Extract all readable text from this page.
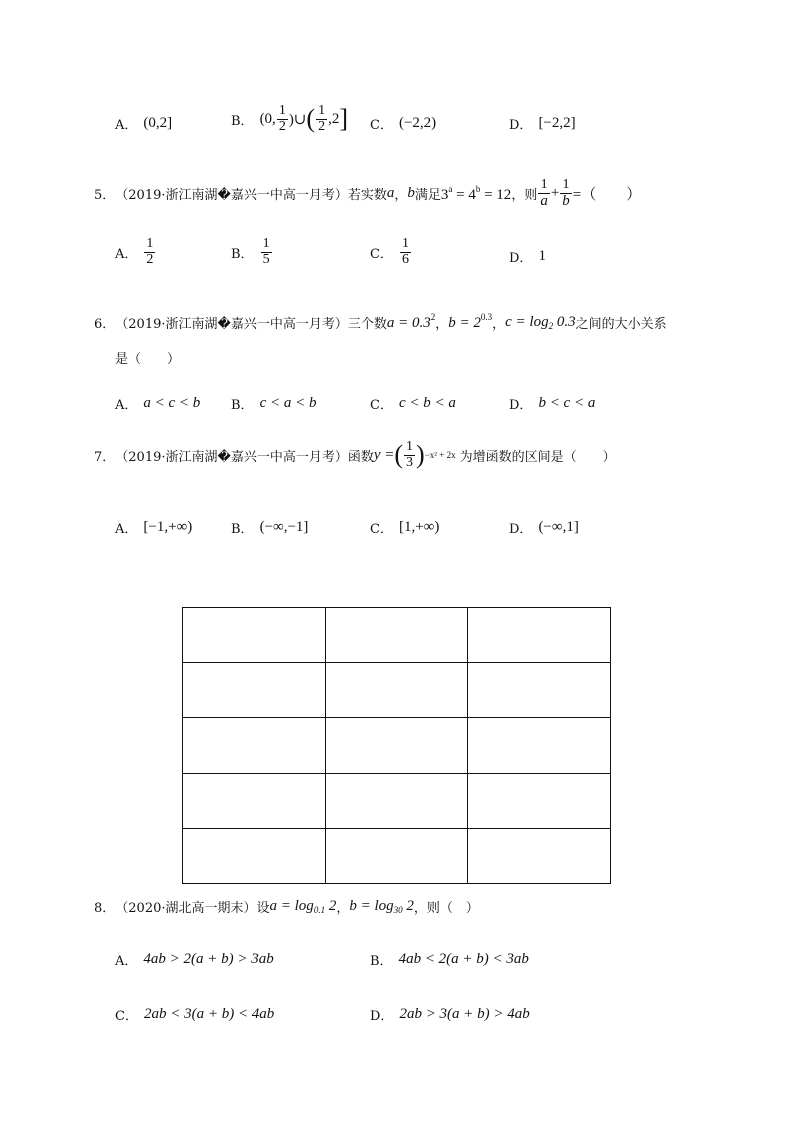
A． (0,2]	B． (0, $\frac{1}{2}$ )∪ ( $\frac{1}{2} ,2$ ] C． (−2,2)	D． [−2,2]
5． （2019·浙江南湖�嘉兴一中高一月考） 若实数 a ， b 满足 $3^a = 4^b = 12$ ，则 $\frac{1}{a} + \frac{1}{b}$ =（　　）
A． $\frac{1}{2}$	B． $\frac{1}{5}$	C． $\frac{1}{6}$	D． 1
6． （2019·浙江南湖�嘉兴一中高一月考） 三个数 $a = 0.3^2$ ， $b = 2^{0.3}$ ， $c = \log_2 0.3$ 之间的大小关系
是（　　）
A． a < c < b B． c < a < b	C． c < b < a	D． b < c < a
7． （2019·浙江南湖�嘉兴一中高一月考） 函数 y = ( $\frac{1}{3}$ ) −x² + 2x 为增函数的区间是（　　）
A． [−1,+∞)	B． (−∞,−1]	C． [1,+∞)	D． (−∞,1]

8． （2020·湖北高一期末） 设 $a = \log_{0.1} 2$ ， $b = \log_{30} 2$ ，则（　）
A． 4ab > 2(a + b) > 3ab	B． 4ab < 2(a + b) < 3ab
C． 2ab < 3(a + b) < 4ab	D． 2ab > 3(a + b) > 4ab
